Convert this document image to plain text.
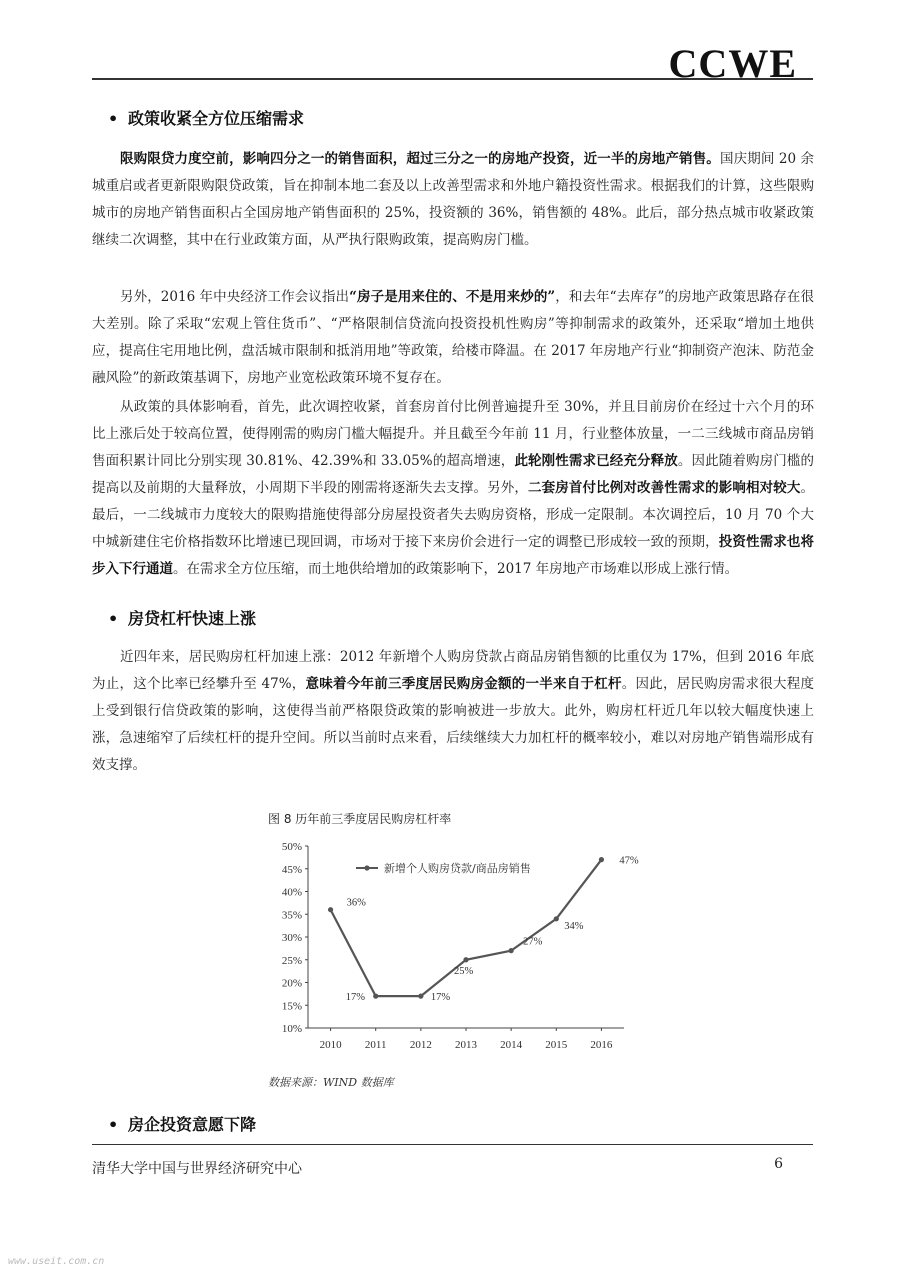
CCWE
• 政策收紧全方位压缩需求

限购限贷力度空前，影响四分之一的销售面积，超过三分之一的房地产投资，近一半的房地产销售。国庆期间 20 余城重启或者更新限购限贷政策，旨在抑制本地二套及以上改善型需求和外地户籍投资性需求。根据我们的计算，这些限购城市的房地产销售面积占全国房地产销售面积的 25%，投资额的 36%，销售额的 48%。此后，部分热点城市收紧政策继续二次调整，其中在行业政策方面，从严执行限购政策，提高购房门槛。

另外，2016 年中央经济工作会议指出“房子是用来住的、不是用来炒的”，和去年“去库存”的房地产政策思路存在很大差别。除了采取“宏观上管住货币”、“严格限制信贷流向投资投机性购房”等抑制需求的政策外，还采取“增加土地供应，提高住宅用地比例，盘活城市限制和抵消用地”等政策，给楼市降温。在 2017 年房地产行业“抑制资产泡沫、防范金融风险”的新政策基调下，房地产业宽松政策环境不复存在。

从政策的具体影响看，首先，此次调控收紧，首套房首付比例普遍提升至 30%，并且目前房价在经过十六个月的环比上涨后处于较高位置，使得刚需的购房门槛大幅提升。并且截至今年前 11 月，行业整体放量，一二三线城市商品房销售面积累计同比分别实现 30.81%、42.39%和 33.05%的超高增速，此轮刚性需求已经充分释放。因此随着购房门槛的提高以及前期的大量释放，小周期下半段的刚需将逐渐失去支撑。另外，二套房首付比例对改善性需求的影响相对较大。最后，一二线城市力度较大的限购措施使得部分房屋投资者失去购房资格，形成一定限制。本次调控后，10 月 70 个大中城新建住宅价格指数环比增速已现回调，市场对于接下来房价会进行一定的调整已形成较一致的预期，投资性需求也将步入下行通道。在需求全方位压缩，而土地供给增加的政策影响下，2017 年房地产市场难以形成上涨行情。

• 房贷杠杆快速上涨

近四年来，居民购房杠杆加速上涨：2012 年新增个人购房贷款占商品房销售额的比重仅为 17%，但到 2016 年底为止，这个比率已经攀升至 47%，意味着今年前三季度居民购房金额的一半来自于杠杆。因此，居民购房需求很大程度上受到银行信贷政策的影响，这使得当前严格限贷政策的影响被进一步放大。此外，购房杠杆近几年以较大幅度快速上涨，急速缩窄了后续杠杆的提升空间。所以当前时点来看，后续继续大力加杠杆的概率较小，难以对房地产销售端形成有效支撑。

图 8 历年前三季度居民购房杠杆率
10%
15%
20%
25%
30%
35%
40%
45%
50%
2010 2011 2012 2013 2014 2015 2016
36%
17%	17%
25%
27%
34%
47%
新增个人购房贷款/商品房销售
数据来源：WIND 数据库
• 房企投资意愿下降
清华大学中国与世界经济研究中心	6
www.useit.com.cn
